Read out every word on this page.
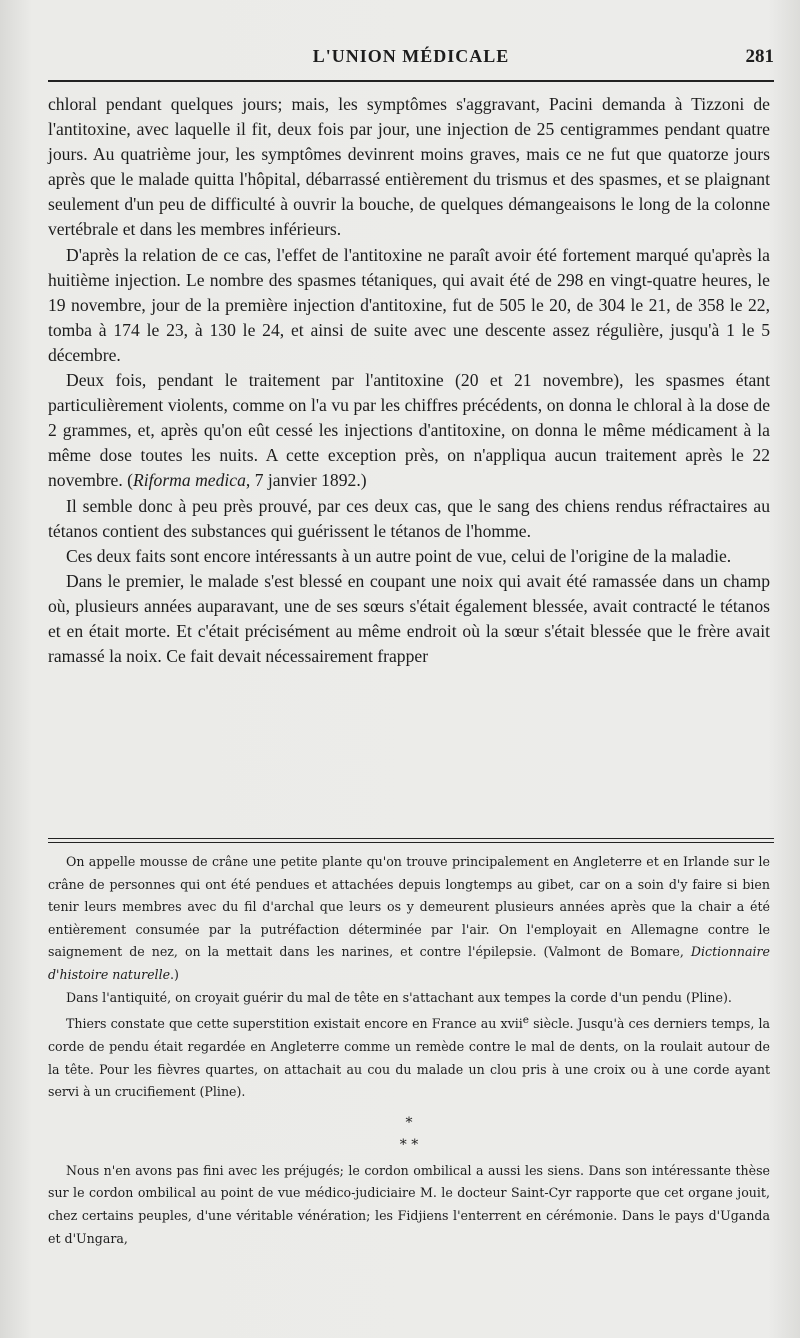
L'UNION MÉDICALE	281

chloral pendant quelques jours; mais, les symptômes s'aggravant, Pacini demanda à Tizzoni de l'antitoxine, avec laquelle il fit, deux fois par jour, une injection de 25 centigrammes pendant quatre jours. Au quatrième jour, les symptômes devinrent moins graves, mais ce ne fut que quatorze jours après que le malade quitta l'hôpital, débarrassé entièrement du trismus et des spasmes, et se plaignant seulement d'un peu de difficulté à ouvrir la bouche, de quelques démangeaisons le long de la colonne vertébrale et dans les membres inférieurs.

D'après la relation de ce cas, l'effet de l'antitoxine ne paraît avoir été fortement marqué qu'après la huitième injection. Le nombre des spasmes tétaniques, qui avait été de 298 en vingt-quatre heures, le 19 novembre, jour de la première injection d'antitoxine, fut de 505 le 20, de 304 le 21, de 358 le 22, tomba à 174 le 23, à 130 le 24, et ainsi de suite avec une descente assez régulière, jusqu'à 1 le 5 décembre.

Deux fois, pendant le traitement par l'antitoxine (20 et 21 novembre), les spasmes étant particulièrement violents, comme on l'a vu par les chiffres précédents, on donna le chloral à la dose de 2 grammes, et, après qu'on eût cessé les injections d'antitoxine, on donna le même médicament à la même dose toutes les nuits. A cette exception près, on n'appliqua aucun traitement après le 22 novembre. (Riforma medica, 7 janvier 1892.)

Il semble donc à peu près prouvé, par ces deux cas, que le sang des chiens rendus réfractaires au tétanos contient des substances qui guérissent le tétanos de l'homme.

Ces deux faits sont encore intéressants à un autre point de vue, celui de l'origine de la maladie.

Dans le premier, le malade s'est blessé en coupant une noix qui avait été ramassée dans un champ où, plusieurs années auparavant, une de ses sœurs s'était également blessée, avait contracté le tétanos et en était morte. Et c'était précisément au même endroit où la sœur s'était blessée que le frère avait ramassé la noix. Ce fait devait nécessairement frapper

On appelle mousse de crâne une petite plante qu'on trouve principalement en Angleterre et en Irlande sur le crâne de personnes qui ont été pendues et attachées depuis longtemps au gibet, car on a soin d'y faire si bien tenir leurs membres avec du fil d'archal que leurs os y demeurent plusieurs années après que la chair a été entièrement consumée par la putréfaction déterminée par l'air. On l'employait en Allemagne contre le saignement de nez, on la mettait dans les narines, et contre l'épilepsie. (Valmont de Bomare, Dictionnaire d'histoire naturelle.)

Dans l'antiquité, on croyait guérir du mal de tête en s'attachant aux tempes la corde d'un pendu (Pline).

Thiers constate que cette superstition existait encore en France au xvii$^e$ siècle. Jusqu'à ces derniers temps, la corde de pendu était regardée en Angleterre comme un remède contre le mal de dents, on la roulait autour de la tête. Pour les fièvres quartes, on attachait au cou du malade un clou pris à une croix ou à une corde ayant servi à un crucifiement (Pline).

*
* *

Nous n'en avons pas fini avec les préjugés; le cordon ombilical a aussi les siens. Dans son intéressante thèse sur le cordon ombilical au point de vue médico-judiciaire M. le docteur Saint-Cyr rapporte que cet organe jouit, chez certains peuples, d'une véritable vénération; les Fidjiens l'enterrent en cérémonie. Dans le pays d'Uganda et d'Ungara,
